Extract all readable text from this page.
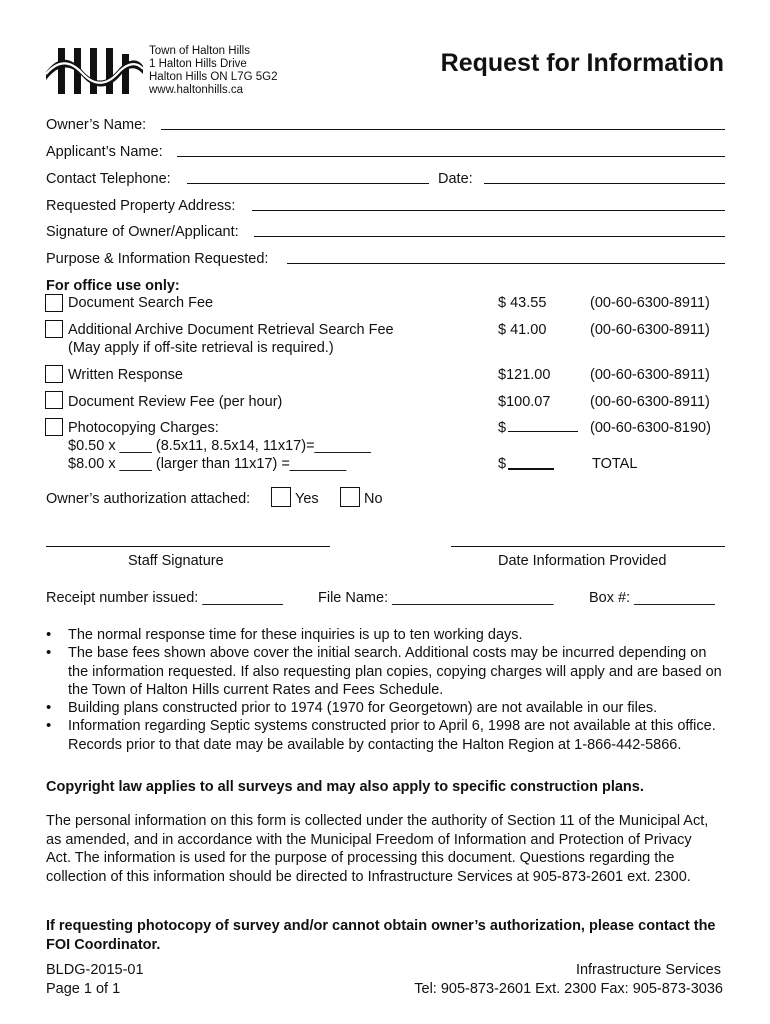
Town of Halton Hills
1 Halton Hills Drive
Halton Hills ON L7G 5G2
www.haltonhills.ca
Request for Information
Owner’s Name:
Applicant’s Name:
Contact Telephone:	Date:
Requested Property Address:
Signature of Owner/Applicant:
Purpose & Information Requested:
For office use only:
Document Search Fee	$ 43.55	(00-60-6300-8911)
Additional Archive Document Retrieval Search Fee
(May apply if off-site retrieval is required.)
$ 41.00	(00-60-6300-8911)
Written Response	$121.00	(00-60-6300-8911)
Document Review Fee (per hour)	$100.07	(00-60-6300-8911)
Photocopying Charges:	$	(00-60-6300-8190)
$0.50 x ____ (8.5x11, 8.5x14, 11x17)=_______
$8.00 x ____ (larger than 11x17) =_______	$	TOTAL
Owner’s authorization attached:	Yes	No
Staff Signature	Date Information Provided
Receipt number issued: __________ File Name: ____________________ Box #: __________
• The normal response time for these inquiries is up to ten working days.
• The base fees shown above cover the initial search. Additional costs may be incurred depending on the information requested. If also requesting plan copies, copying charges will apply and are based on the Town of Halton Hills current Rates and Fees Schedule.
• Building plans constructed prior to 1974 (1970 for Georgetown) are not available in our files.
• Information regarding Septic systems constructed prior to April 6, 1998 are not available at this office. Records prior to that date may be available by contacting the Halton Region at 1-866-442-5866.
Copyright law applies to all surveys and may also apply to specific construction plans.
The personal information on this form is collected under the authority of Section 11 of the Municipal Act, as amended, and in accordance with the Municipal Freedom of Information and Protection of Privacy Act. The information is used for the purpose of processing this document. Questions regarding the collection of this information should be directed to Infrastructure Services at 905-873-2601 ext. 2300.
If requesting photocopy of survey and/or cannot obtain owner’s authorization, please contact the FOI Coordinator.
BLDG-2015-01
Page 1 of 1
Infrastructure Services
Tel: 905-873-2601 Ext. 2300 Fax: 905-873-3036
